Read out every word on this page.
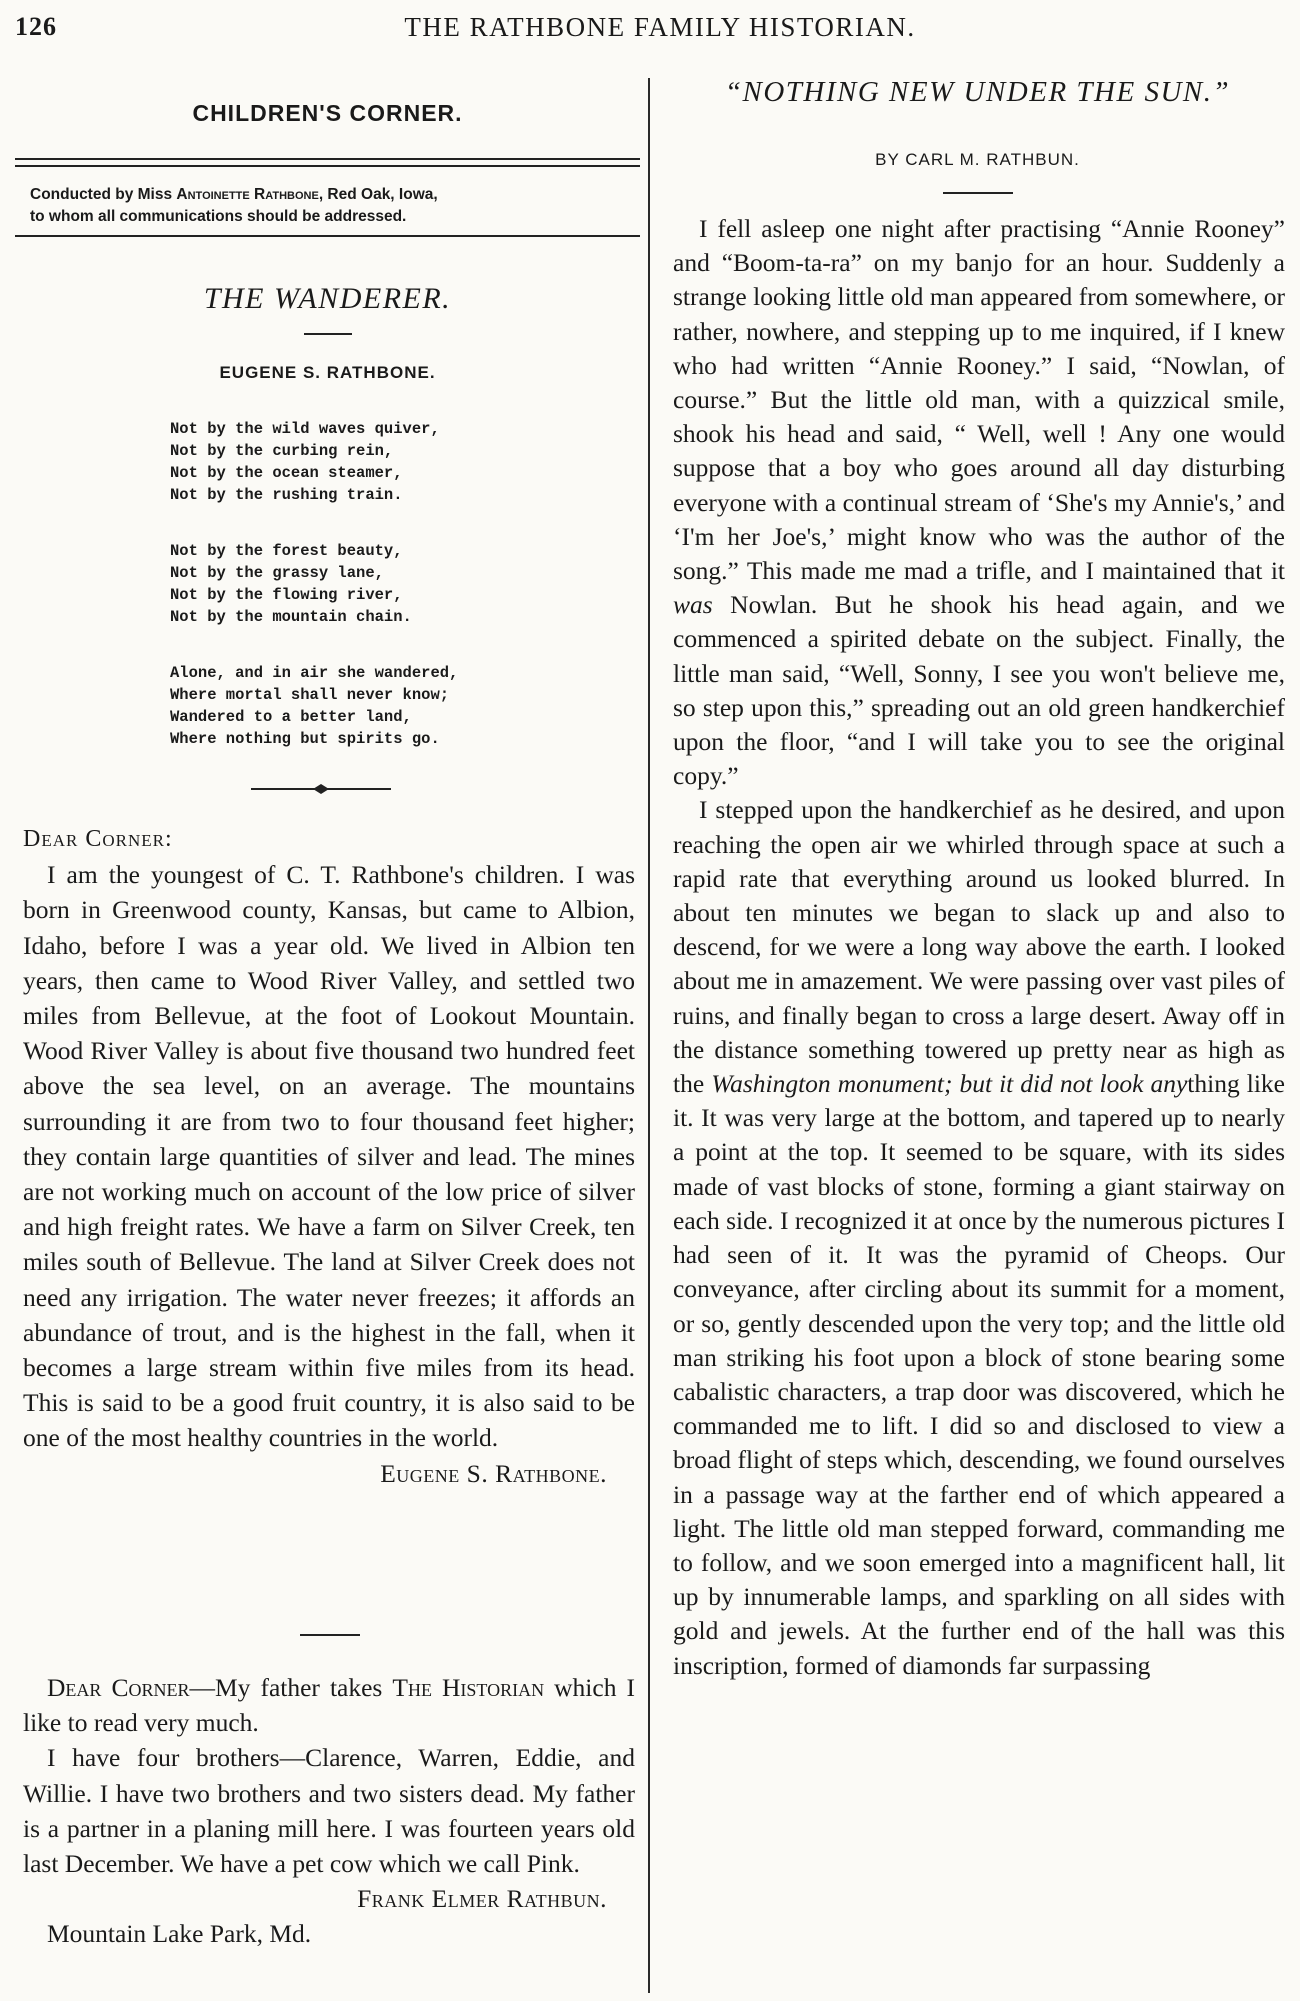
126	THE RATHBONE FAMILY HISTORIAN.
CHILDREN'S CORNER.
Conducted by Miss Antoinette Rathbone, Red Oak, Iowa,
to whom all communications should be addressed.
THE WANDERER.
EUGENE S. RATHBONE.
Not by the wild waves quiver,
Not by the curbing rein,
Not by the ocean steamer,
Not by the rushing train.
Not by the forest beauty,
Not by the grassy lane,
Not by the flowing river,
Not by the mountain chain.
Alone, and in air she wandered,
Where mortal shall never know;
Wandered to a better land,
Where nothing but spirits go.
Dear Corner:

I am the youngest of C. T. Rathbone's children. I was born in Greenwood county, Kansas, but came to Albion, Idaho, before I was a year old. We lived in Albion ten years, then came to Wood River Valley, and settled two miles from Bellevue, at the foot of Lookout Mountain. Wood River Valley is about five thousand two hundred feet above the sea level, on an average. The mountains surrounding it are from two to four thousand feet higher; they contain large quantities of silver and lead. The mines are not working much on account of the low price of silver and high freight rates. We have a farm on Silver Creek, ten miles south of Bellevue. The land at Silver Creek does not need any irrigation. The water never freezes; it affords an abundance of trout, and is the highest in the fall, when it becomes a large stream within five miles from its head. This is said to be a good fruit country, it is also said to be one of the most healthy countries in the world.

Eugene S. Rathbone.

Dear Corner—My father takes The Historian which I like to read very much.

I have four brothers—Clarence, Warren, Eddie, and Willie. I have two brothers and two sisters dead. My father is a partner in a planing mill here. I was fourteen years old last December. We have a pet cow which we call Pink.

Frank Elmer Rathbun.
Mountain Lake Park, Md.
“NOTHING NEW UNDER THE SUN.”
BY CARL M. RATHBUN.

I fell asleep one night after practising “Annie Rooney” and “Boom-ta-ra” on my banjo for an hour. Suddenly a strange looking little old man appeared from somewhere, or rather, nowhere, and stepping up to me inquired, if I knew who had written “Annie Rooney.” I said, “Nowlan, of course.” But the little old man, with a quizzical smile, shook his head and said, “ Well, well ! Any one would suppose that a boy who goes around all day disturbing everyone with a continual stream of ‘She's my Annie's,’ and ‘I'm her Joe's,’ might know who was the author of the song.” This made me mad a trifle, and I maintained that it was Nowlan. But he shook his head again, and we commenced a spirited debate on the subject. Finally, the little man said, “Well, Sonny, I see you won't believe me, so step upon this,” spreading out an old green handkerchief upon the floor, “and I will take you to see the original copy.”

I stepped upon the handkerchief as he desired, and upon reaching the open air we whirled through space at such a rapid rate that everything around us looked blurred. In about ten minutes we began to slack up and also to descend, for we were a long way above the earth. I looked about me in amazement. We were passing over vast piles of ruins, and finally began to cross a large desert. Away off in the distance something towered up pretty near as high as the Washington monument; but it did not look anything like it. It was very large at the bottom, and tapered up to nearly a point at the top. It seemed to be square, with its sides made of vast blocks of stone, forming a giant stairway on each side. I recognized it at once by the numerous pictures I had seen of it. It was the pyramid of Cheops. Our conveyance, after circling about its summit for a moment, or so, gently descended upon the very top; and the little old man striking his foot upon a block of stone bearing some cabalistic characters, a trap door was discovered, which he commanded me to lift. I did so and disclosed to view a broad flight of steps which, descending, we found ourselves in a passage way at the farther end of which appeared a light. The little old man stepped forward, commanding me to follow, and we soon emerged into a magnificent hall, lit up by innumerable lamps, and sparkling on all sides with gold and jewels. At the further end of the hall was this inscription, formed of diamonds far surpassing
